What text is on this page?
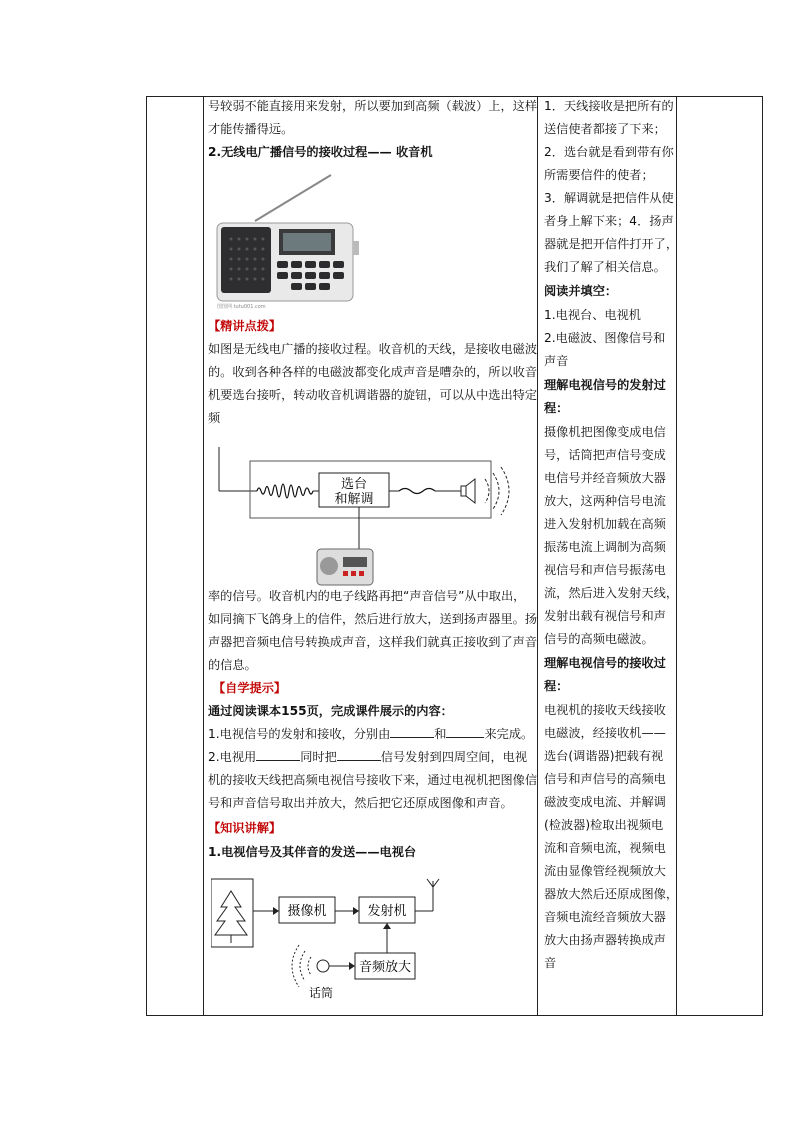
号较弱不能直接用来发射，所以要加到高频（载波）上，这样

才能传播得远。

2.无线电广播信号的接收过程—— 收音机

图图网 tutu001.com

【精讲点拨】

如图是无线电广播的接收过程。收音机的天线，是接收电磁波

的。收到各种各样的电磁波都变化成声音是嘈杂的，所以收音

机要选台接听，转动收音机调谐器的旋钮，可以从中选出特定

频

选台
和解调

率的信号。收音机内的电子线路再把“声音信号”从中取出，

如同摘下飞鸽身上的信件，然后进行放大，送到扬声器里。扬

声器把音频电信号转换成声音，这样我们就真正接收到了声音

的信息。

【自学提示】

通过阅读课本155页，完成课件展示的内容：

1.电视信号的发射和接收，分别由	和	来完成。

2.电视用	同时把	信号发射到四周空间，电视

机的接收天线把高频电视信号接收下来，通过电视机把图像信

号和声音信号取出并放大，然后把它还原成图像和声音。

【知识讲解】

1.电视信号及其伴音的发送——电视台

摄像机	发射机
音频放大
话筒

1．天线接收是把所有的

送信使者都接了下来；

2．选台就是看到带有你

所需要信件的使者；

3．解调就是把信件从使

者身上解下来；4．扬声

器就是把开信件打开了，

我们了解了相关信息。

阅读并填空：

1.电视台、电视机

2.电磁波、图像信号和

声音

理解电视信号的发射过

程：

摄像机把图像变成电信

号，话筒把声信号变成

电信号并经音频放大器

放大，这两种信号电流

进入发射机加载在高频

振荡电流上调制为高频

视信号和声信号振荡电

流，然后进入发射天线，

发射出载有视信号和声

信号的高频电磁波。

理解电视信号的接收过

程：

电视机的接收天线接收

电磁波，经接收机——

选台(调谐器)把载有视

信号和声信号的高频电

磁波变成电流、并解调

(检波器)检取出视频电

流和音频电流，视频电

流由显像管经视频放大

器放大然后还原成图像，

音频电流经音频放大器

放大由扬声器转换成声

音
